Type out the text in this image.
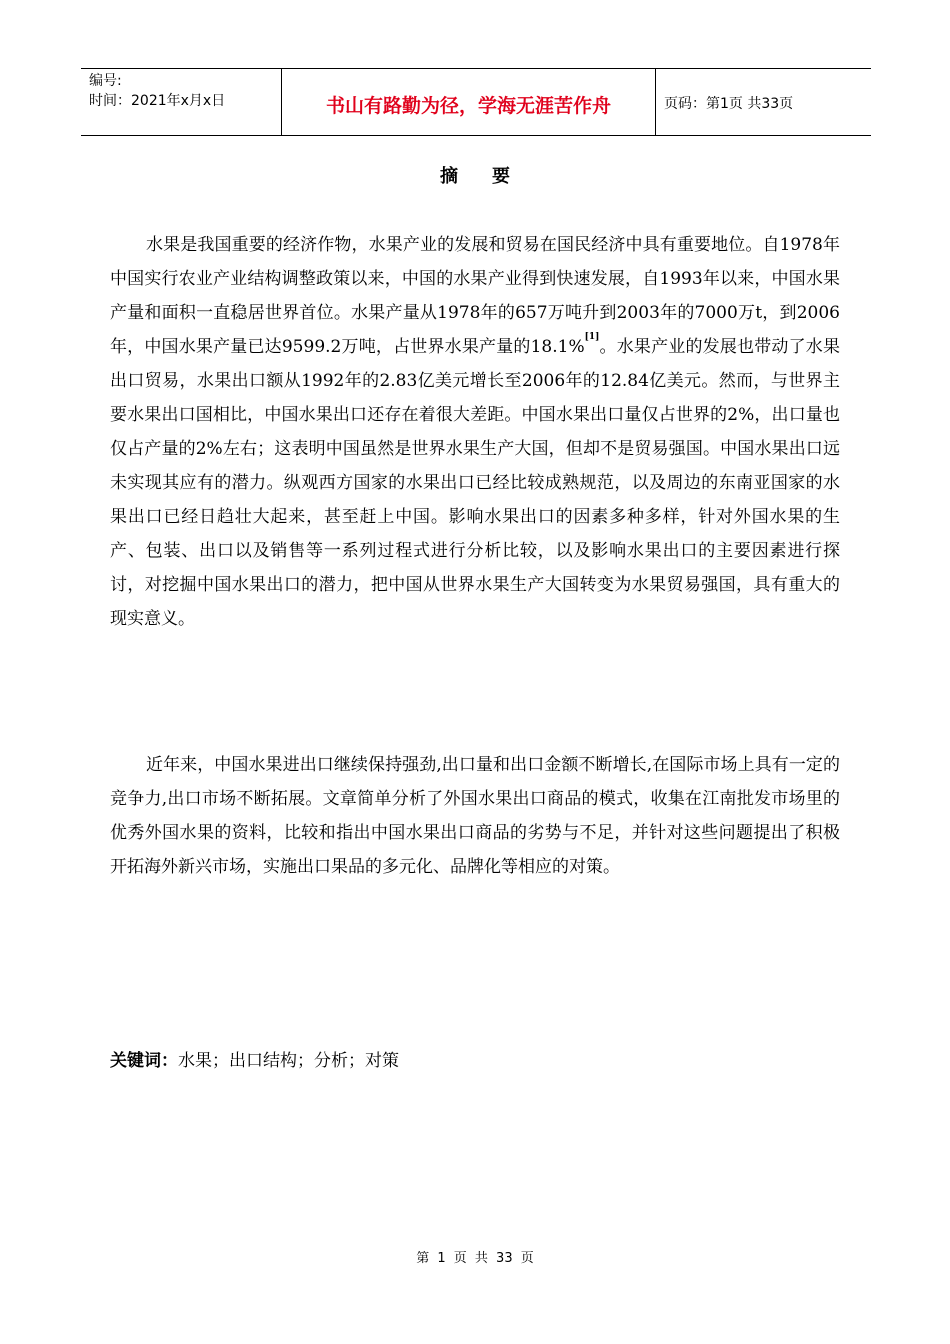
编号:
时间：2021年x月x日	书山有路勤为径，学海无涯苦作舟	页码：第1页 共33页
摘要

水果是我国重要的经济作物，水果产业的发展和贸易在国民经济中具有重要地位。自1978年中国实行农业产业结构调整政策以来，中国的水果产业得到快速发展，自1993年以来，中国水果产量和面积一直稳居世界首位。水果产量从1978年的657万吨升到2003年的7000万t，到2006年，中国水果产量已达9599.2万吨，占世界水果产量的18.1%[1]。水果产业的发展也带动了水果出口贸易，水果出口额从1992年的2.83亿美元增长至2006年的12.84亿美元。然而，与世界主要水果出口国相比，中国水果出口还存在着很大差距。中国水果出口量仅占世界的2%，出口量也仅占产量的2%左右；这表明中国虽然是世界水果生产大国，但却不是贸易强国。中国水果出口远未实现其应有的潜力。纵观西方国家的水果出口已经比较成熟规范，以及周边的东南亚国家的水果出口已经日趋壮大起来，甚至赶上中国。影响水果出口的因素多种多样，针对外国水果的生产、包装、出口以及销售等一系列过程式进行分析比较，以及影响水果出口的主要因素进行探讨，对挖掘中国水果出口的潜力，把中国从世界水果生产大国转变为水果贸易强国，具有重大的现实意义。

近年来，中国水果进出口继续保持强劲,出口量和出口金额不断增长,在国际市场上具有一定的竞争力,出口市场不断拓展。文章简单分析了外国水果出口商品的模式，收集在江南批发市场里的优秀外国水果的资料，比较和指出中国水果出口商品的劣势与不足，并针对这些问题提出了积极开拓海外新兴市场，实施出口果品的多元化、品牌化等相应的对策。

关键词：水果；出口结构；分析；对策
第 1 页 共 33 页
